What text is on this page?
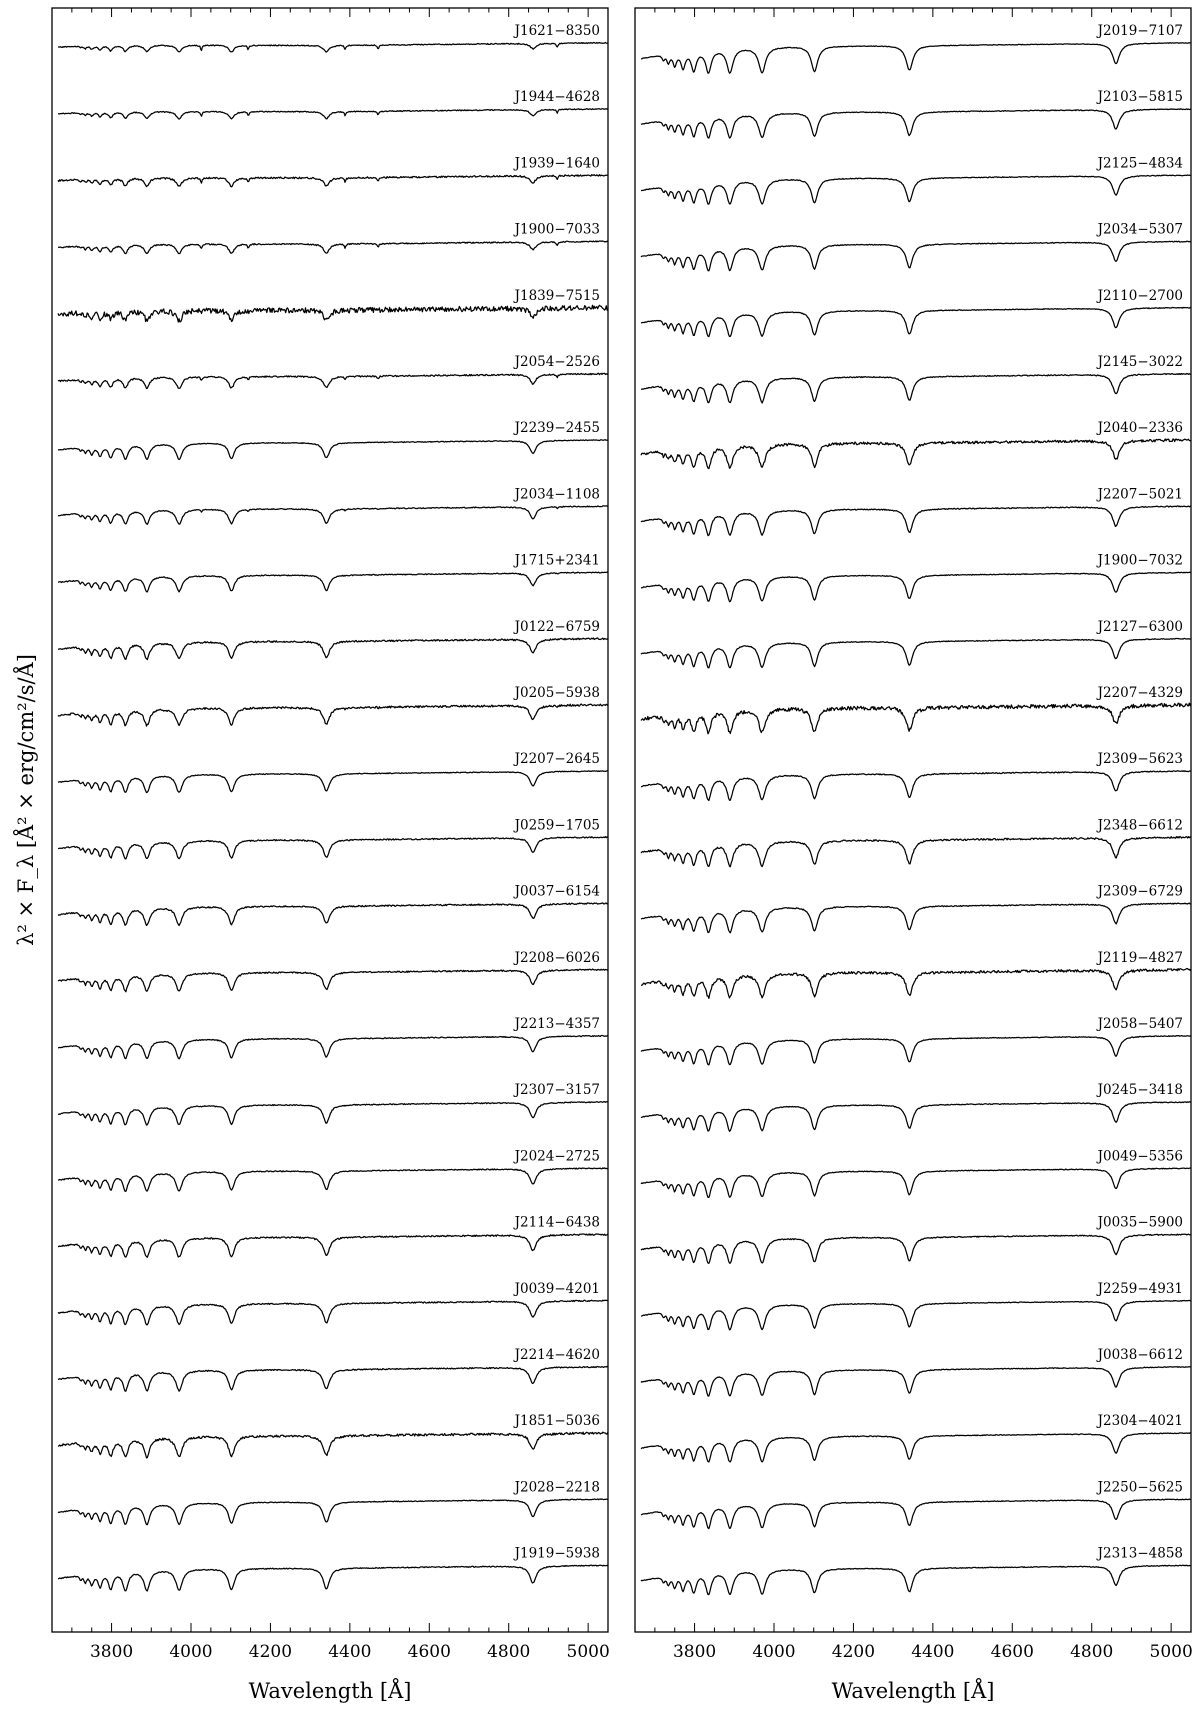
3800 4000 4200 4400 4600 4800 5000
Wavelength [Å]
J1621−8350
J1944−4628
J1939−1640
J1900−7033
J1839−7515
J2054−2526
J2239−2455
J2034−1108
J1715+2341
J0122−6759
J0205−5938
J2207−2645
J0259−1705
J0037−6154
J2208−6026
J2213−4357
J2307−3157
J2024−2725
J2114−6438
J0039−4201
J2214−4620
J1851−5036
J2028−2218
J1919−5938
3800 4000 4200 4400 4600 4800 5000
Wavelength [Å]
J2019−7107
J2103−5815
J2125−4834
J2034−5307
J2110−2700
J2145−3022
J2040−2336
J2207−5021
J1900−7032
J2127−6300
J2207−4329
J2309−5623
J2348−6612
J2309−6729
J2119−4827
J2058−5407
J0245−3418
J0049−5356
J0035−5900
J2259−4931
J0038−6612
J2304−4021
J2250−5625
J2313−4858
λ² × F_λ [Å² × erg/cm²/s/Å]
